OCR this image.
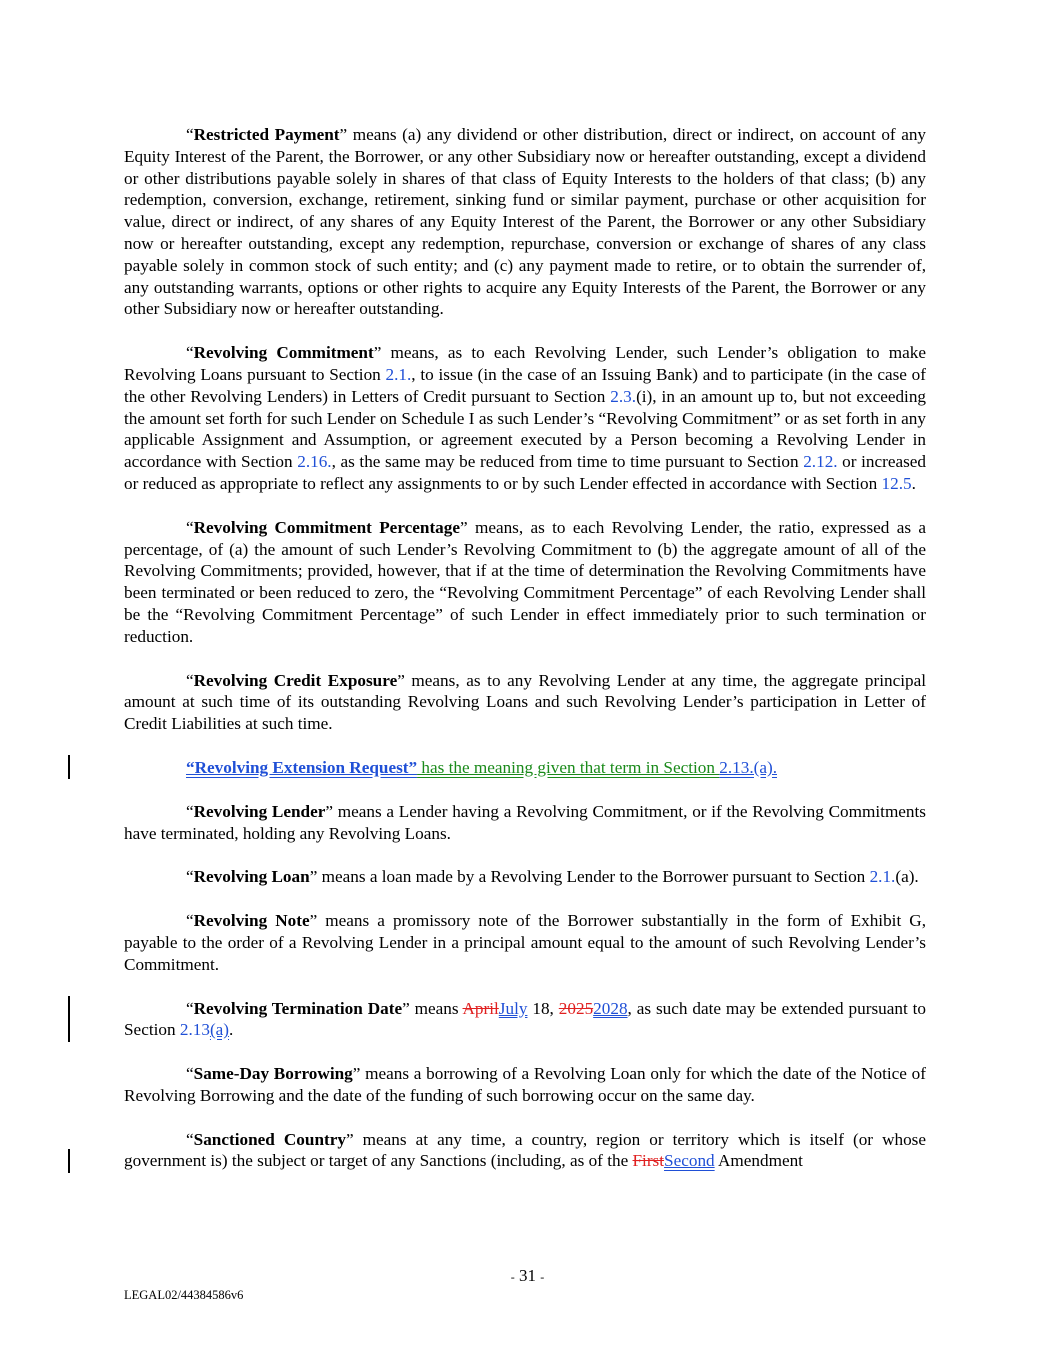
“Restricted Payment” means (a) any dividend or other distribution, direct or indirect, on account of any Equity Interest of the Parent, the Borrower, or any other Subsidiary now or hereafter outstanding, except a dividend or other distributions payable solely in shares of that class of Equity Interests to the holders of that class; (b) any redemption, conversion, exchange, retirement, sinking fund or similar payment, purchase or other acquisition for value, direct or indirect, of any shares of any Equity Interest of the Parent, the Borrower or any other Subsidiary now or hereafter outstanding, except any redemption, repurchase, conversion or exchange of shares of any class payable solely in common stock of such entity; and (c) any payment made to retire, or to obtain the surrender of, any outstanding warrants, options or other rights to acquire any Equity Interests of the Parent, the Borrower or any other Subsidiary now or hereafter outstanding.

“Revolving Commitment” means, as to each Revolving Lender, such Lender’s obligation to make Revolving Loans pursuant to Section 2.1., to issue (in the case of an Issuing Bank) and to participate (in the case of the other Revolving Lenders) in Letters of Credit pursuant to Section 2.3.(i), in an amount up to, but not exceeding the amount set forth for such Lender on Schedule I as such Lender’s “Revolving Commitment” or as set forth in any applicable Assignment and Assumption, or agreement executed by a Person becoming a Revolving Lender in accordance with Section 2.16., as the same may be reduced from time to time pursuant to Section 2.12. or increased or reduced as appropriate to reflect any assignments to or by such Lender effected in accordance with Section 12.5.

“Revolving Commitment Percentage” means, as to each Revolving Lender, the ratio, expressed as a percentage, of (a) the amount of such Lender’s Revolving Commitment to (b) the aggregate amount of all of the Revolving Commitments; provided, however, that if at the time of determination the Revolving Commitments have been terminated or been reduced to zero, the “Revolving Commitment Percentage” of each Revolving Lender shall be the “Revolving Commitment Percentage” of such Lender in effect immediately prior to such termination or reduction.

“Revolving Credit Exposure” means, as to any Revolving Lender at any time, the aggregate principal amount at such time of its outstanding Revolving Loans and such Revolving Lender’s participation in Letter of Credit Liabilities at such time.

“Revolving Extension Request” has the meaning given that term in Section 2.13.(a).

“Revolving Lender” means a Lender having a Revolving Commitment, or if the Revolving Commitments have terminated, holding any Revolving Loans.

“Revolving Loan” means a loan made by a Revolving Lender to the Borrower pursuant to Section 2.1.(a).

“Revolving Note” means a promissory note of the Borrower substantially in the form of Exhibit G, payable to the order of a Revolving Lender in a principal amount equal to the amount of such Revolving Lender’s Commitment.

“Revolving Termination Date” means AprilJuly 18, 20252028, as such date may be extended pursuant to Section 2.13(a).

“Same-Day Borrowing” means a borrowing of a Revolving Loan only for which the date of the Notice of Revolving Borrowing and the date of the funding of such borrowing occur on the same day.

“Sanctioned Country” means at any time, a country, region or territory which is itself (or whose government is) the subject or target of any Sanctions (including, as of the FirstSecond Amendment

- 31 -
LEGAL02/44384586v6
